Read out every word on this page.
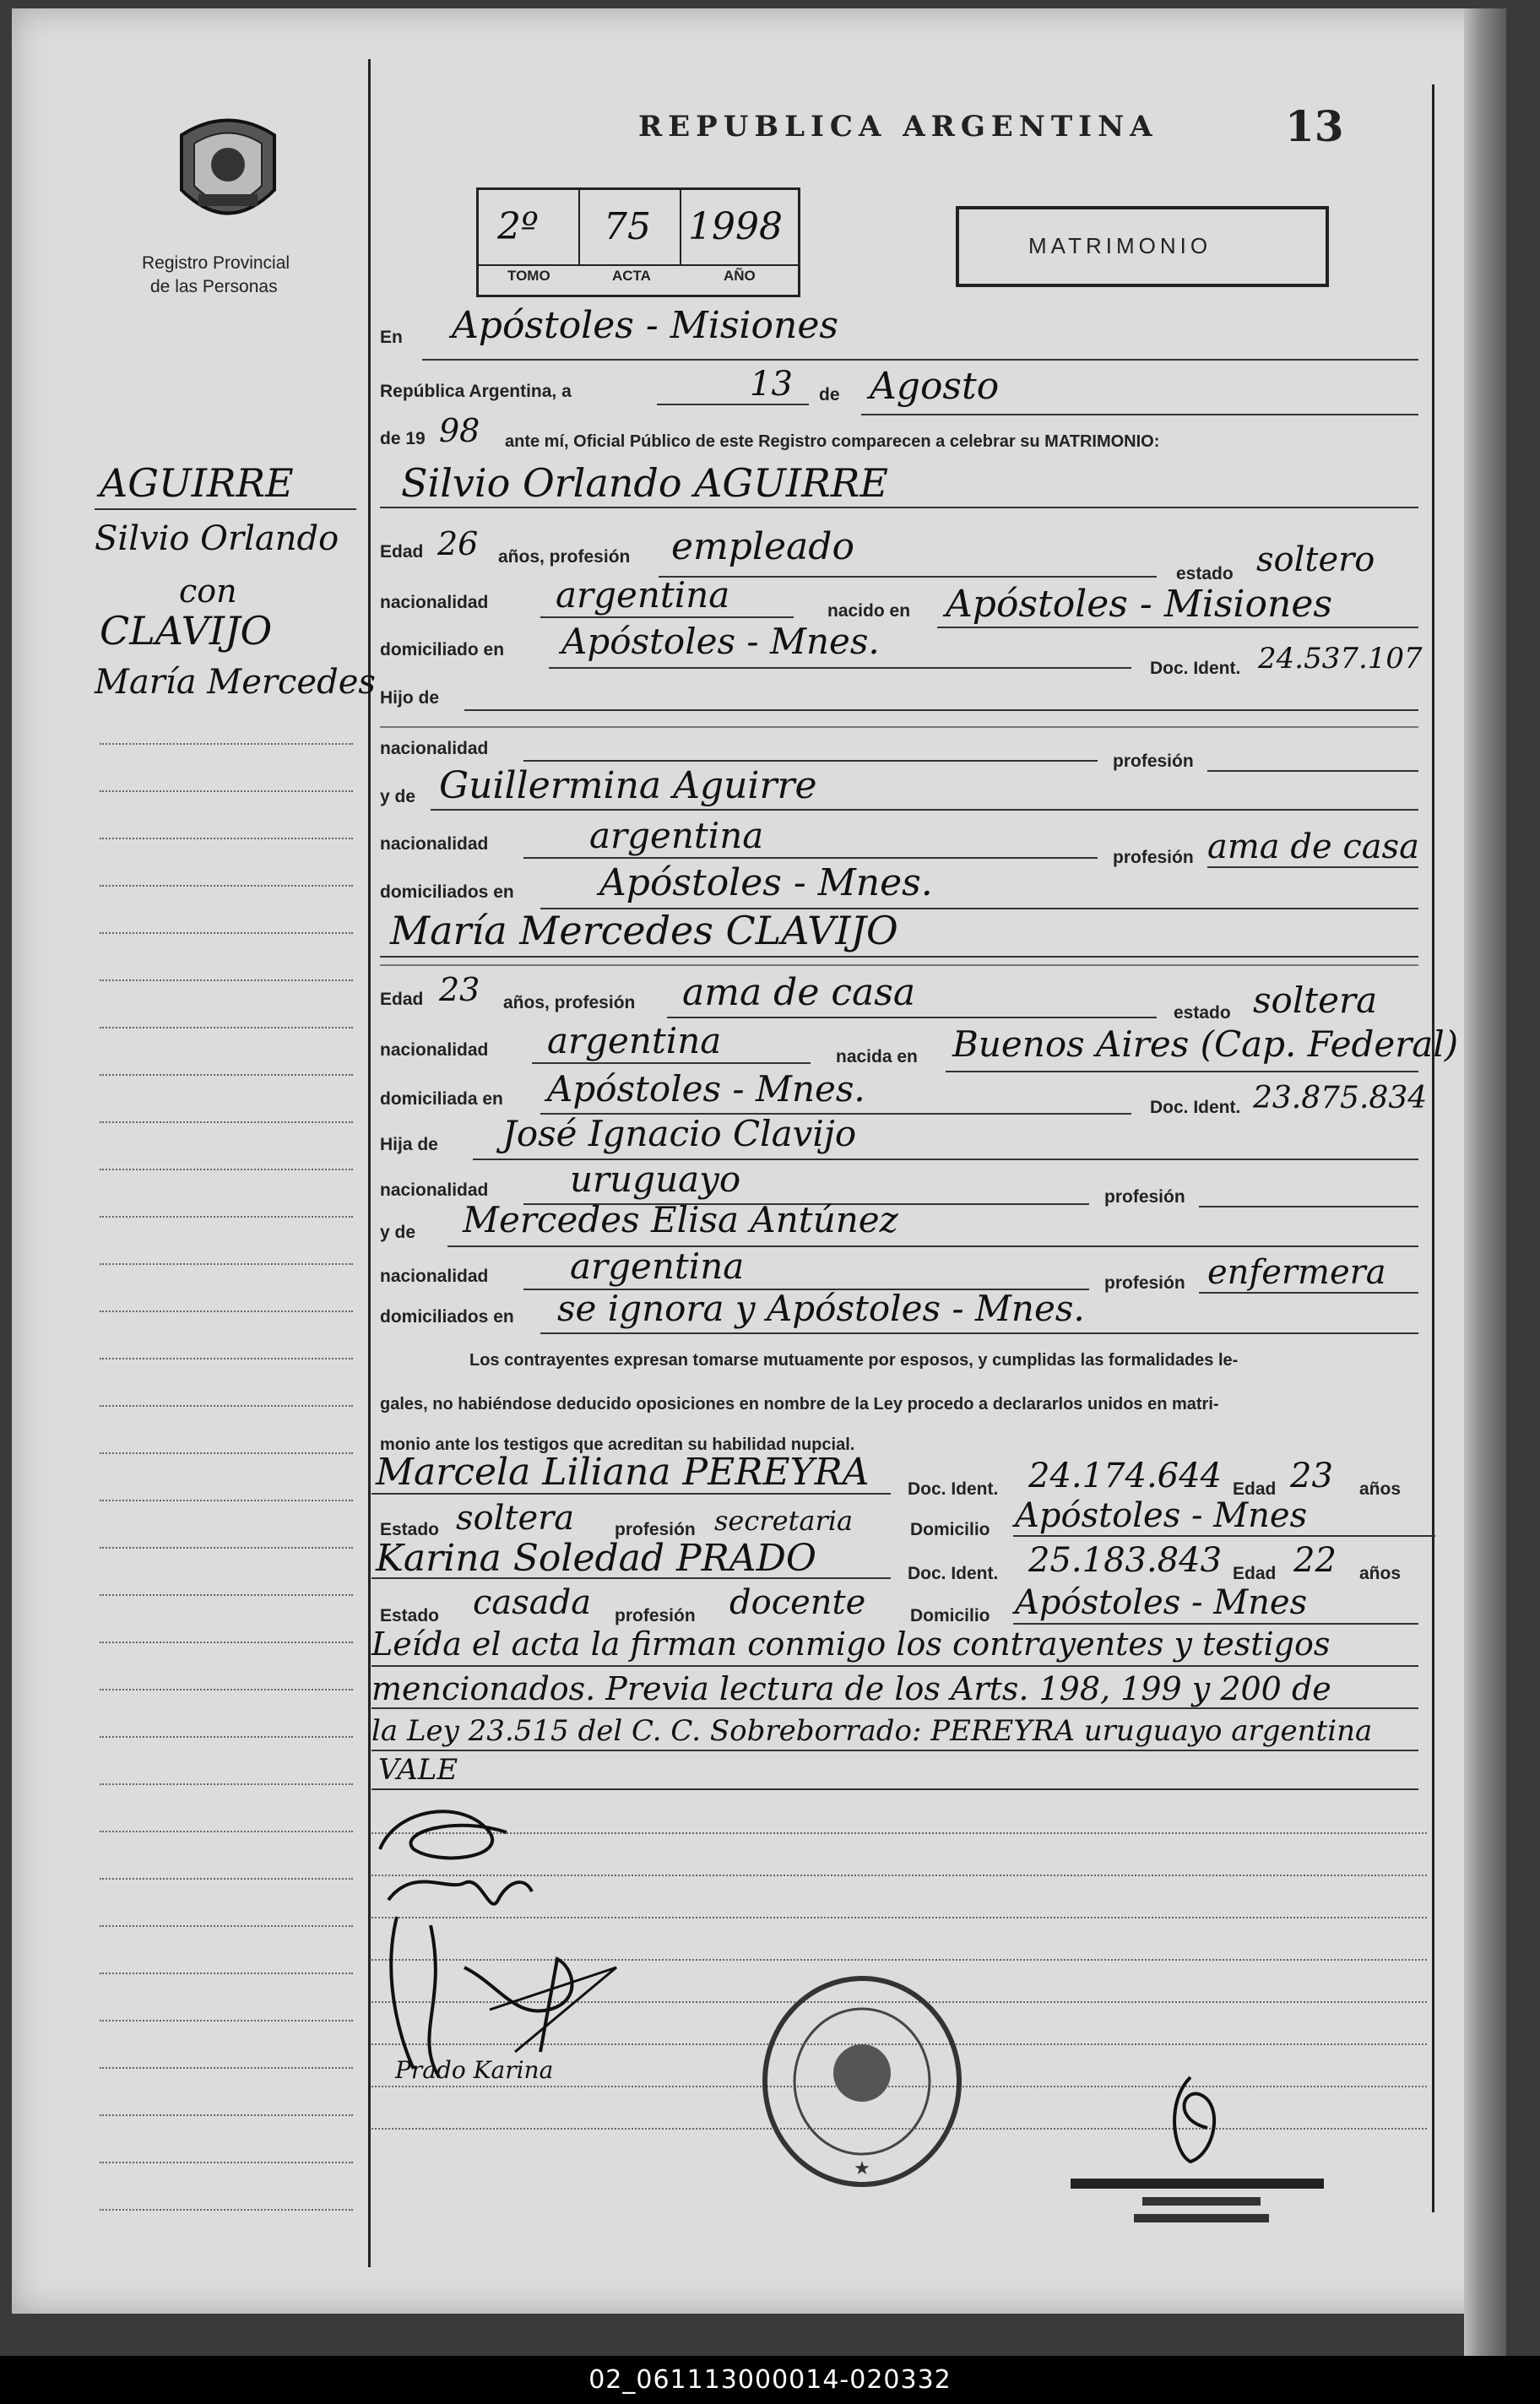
Registro Provincial
de las Personas
REPUBLICA ARGENTINA	13
2º 75 1998
TOMO	ACTA	AÑO
MATRIMONIO
AGUIRRE
Silvio Orlando
con
CLAVIJO
María Mercedes
En Apóstoles - Misiones
República Argentina, a	13 de Agosto
de 19 98 ante mí, Oficial Público de este Registro comparecen a celebrar su MATRIMONIO:
Silvio Orlando AGUIRRE
Edad 26 años, profesión empleado
estado soltero
nacionalidad argentina	nacido en Apóstoles - Misiones
domiciliado en Apóstoles - Mnes.
Doc. Ident. 24.537.107
Hijo de
nacionalidad
profesión
y de Guillermina Aguirre
nacionalidad	argentina
profesión ama de casa
domiciliados en Apóstoles - Mnes.
María Mercedes CLAVIJO
Edad 23 años, profesión ama de casa	estado soltera
nacionalidad argentina	nacida en Buenos Aires (Cap. Federal)
domiciliada en Apóstoles - Mnes.	Doc. Ident. 23.875.834
Hija de José Ignacio Clavijo
nacionalidad uruguayo	profesión
y de Mercedes Elisa Antúnez
nacionalidad argentina	profesión enfermera
domiciliados en se ignora y Apóstoles - Mnes.
Los contrayentes expresan tomarse mutuamente por esposos, y cumplidas las formalidades le-
gales, no habiéndose deducido oposiciones en nombre de la Ley procedo a declararlos unidos en matri-
monio ante los testigos que acreditan su habilidad nupcial.
Marcela Liliana PEREYRA Doc. Ident. 24.174.644 Edad 23 años
Estado soltera profesión secretaria	Domicilio Apóstoles - Mnes
Karina Soledad PRADO	Doc. Ident. 25.183.843 Edad 22 años
Estado casada profesión docente	Domicilio Apóstoles - Mnes
Leída el acta la firman conmigo los contrayentes y testigos
mencionados. Previa lectura de los Arts. 198, 199 y 200 de
la Ley 23.515 del C. C. Sobreborrado: PEREYRA uruguayo argentina
VALE
Prado Karina
★
02_061113000014-020332
